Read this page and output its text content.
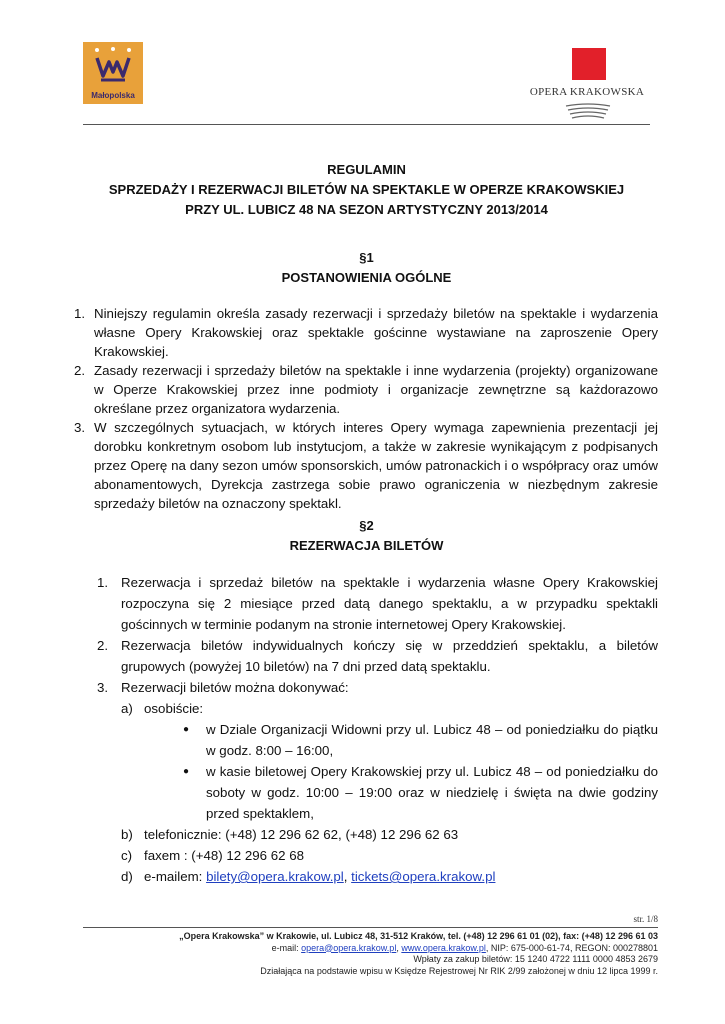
Małopolska	OPERA KRAKOWSKA
REGULAMIN
SPRZEDAŻY I REZERWACJI BILETÓW NA SPEKTAKLE W OPERZE KRAKOWSKIEJ
PRZY UL. LUBICZ 48 NA SEZON ARTYSTYCZNY 2013/2014
§1
POSTANOWIENIA OGÓLNE
1. Niniejszy regulamin określa zasady rezerwacji i sprzedaży biletów na spektakle i wydarzenia własne Opery Krakowskiej oraz spektakle gościnne wystawiane na zaproszenie Opery Krakowskiej.
2. Zasady rezerwacji i sprzedaży biletów na spektakle i inne wydarzenia (projekty) organizowane w Operze Krakowskiej przez inne podmioty i organizacje zewnętrzne są każdorazowo określane przez organizatora wydarzenia.
3. W szczególnych sytuacjach, w których interes Opery wymaga zapewnienia prezentacji jej dorobku konkretnym osobom lub instytucjom, a także w zakresie wynikającym z podpisanych przez Operę na dany sezon umów sponsorskich, umów patronackich i o współpracy oraz umów abonamentowych, Dyrekcja zastrzega sobie prawo ograniczenia w niezbędnym zakresie sprzedaży biletów na oznaczony spektakl.
§2
REZERWACJA BILETÓW
1. Rezerwacja i sprzedaż biletów na spektakle i wydarzenia własne Opery Krakowskiej rozpoczyna się 2 miesiące przed datą danego spektaklu, a w przypadku spektakli gościnnych w terminie podanym na stronie internetowej Opery Krakowskiej.
2. Rezerwacja biletów indywidualnych kończy się w przeddzień spektaklu, a biletów grupowych (powyżej 10 biletów) na 7 dni przed datą spektaklu.
3. Rezerwacji biletów można dokonywać:
a) osobiście:
●	w Dziale Organizacji Widowni przy ul. Lubicz 48 – od poniedziałku do piątku w godz. 8:00 – 16:00,
●	w kasie biletowej Opery Krakowskiej przy ul. Lubicz 48 – od poniedziałku do soboty w godz. 10:00 – 19:00 oraz w niedzielę i święta na dwie godziny przed spektaklem,
b) telefonicznie: (+48) 12 296 62 62, (+48) 12 296 62 63
c) faxem : (+48) 12 296 62 68
d) e-mailem: bilety@opera.krakow.pl, tickets@opera.krakow.pl
str. 1/8
„Opera Krakowska” w Krakowie, ul. Lubicz 48, 31-512 Kraków, tel. (+48) 12 296 61 01 (02), fax: (+48) 12 296 61 03
e-mail: opera@opera.krakow.pl, www.opera.krakow.pl, NIP: 675-000-61-74, REGON: 000278801
Wpłaty za zakup biletów: 15 1240 4722 1111 0000 4853 2679
Działająca na podstawie wpisu w Księdze Rejestrowej Nr RIK 2/99 założonej w dniu 12 lipca 1999 r.
